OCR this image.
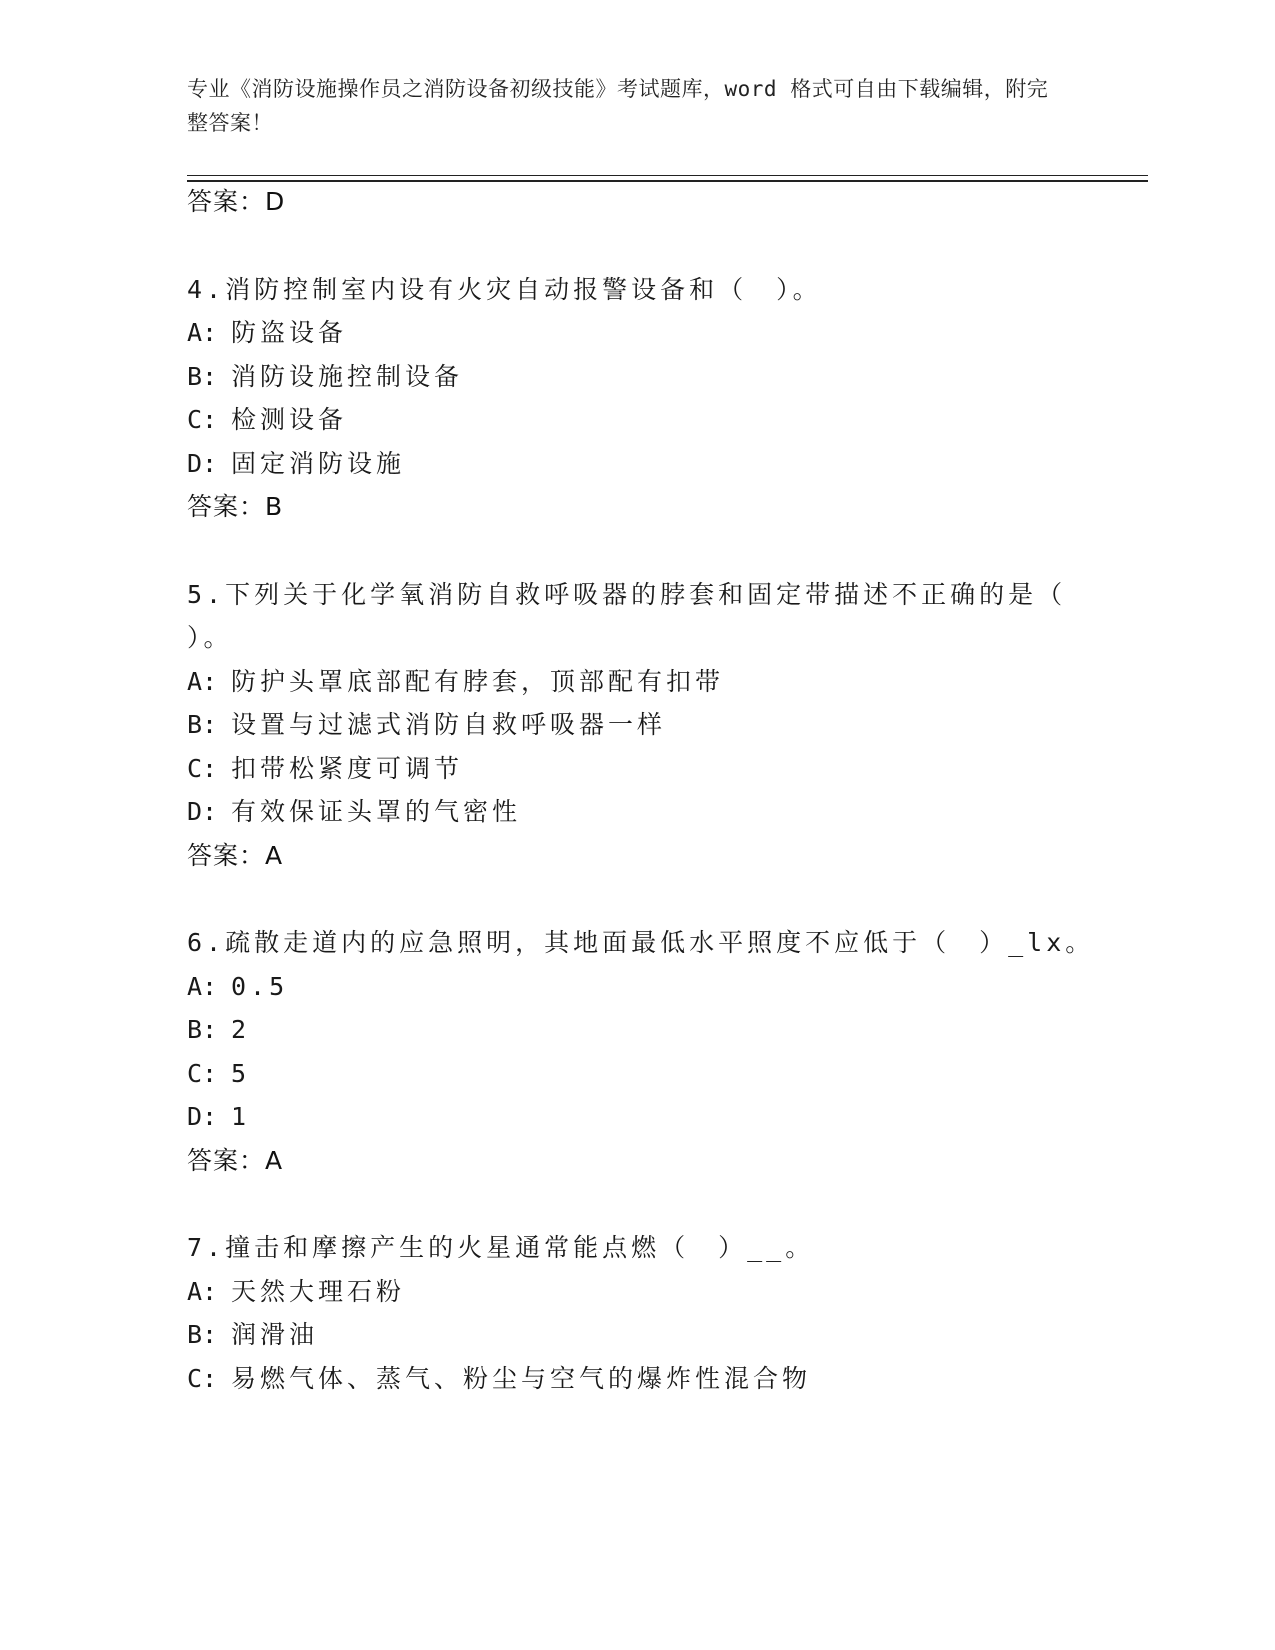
专业《消防设施操作员之消防设备初级技能》考试题库，word 格式可自由下载编辑，附完整答案！
答案：D
4.消防控制室内设有火灾自动报警设备和（　）。
A: 防盗设备
B: 消防设施控制设备
C: 检测设备
D: 固定消防设施
答案：B
5.下列关于化学氧消防自救呼吸器的脖套和固定带描述不正确的是（
）。
A: 防护头罩底部配有脖套，顶部配有扣带
B: 设置与过滤式消防自救呼吸器一样
C: 扣带松紧度可调节
D: 有效保证头罩的气密性
答案：A
6.疏散走道内的应急照明，其地面最低水平照度不应低于（　）_lx。
A: 0.5
B: 2
C: 5
D: 1
答案：A
7.撞击和摩擦产生的火星通常能点燃（　）__。
A: 天然大理石粉
B: 润滑油
C: 易燃气体、蒸气、粉尘与空气的爆炸性混合物
